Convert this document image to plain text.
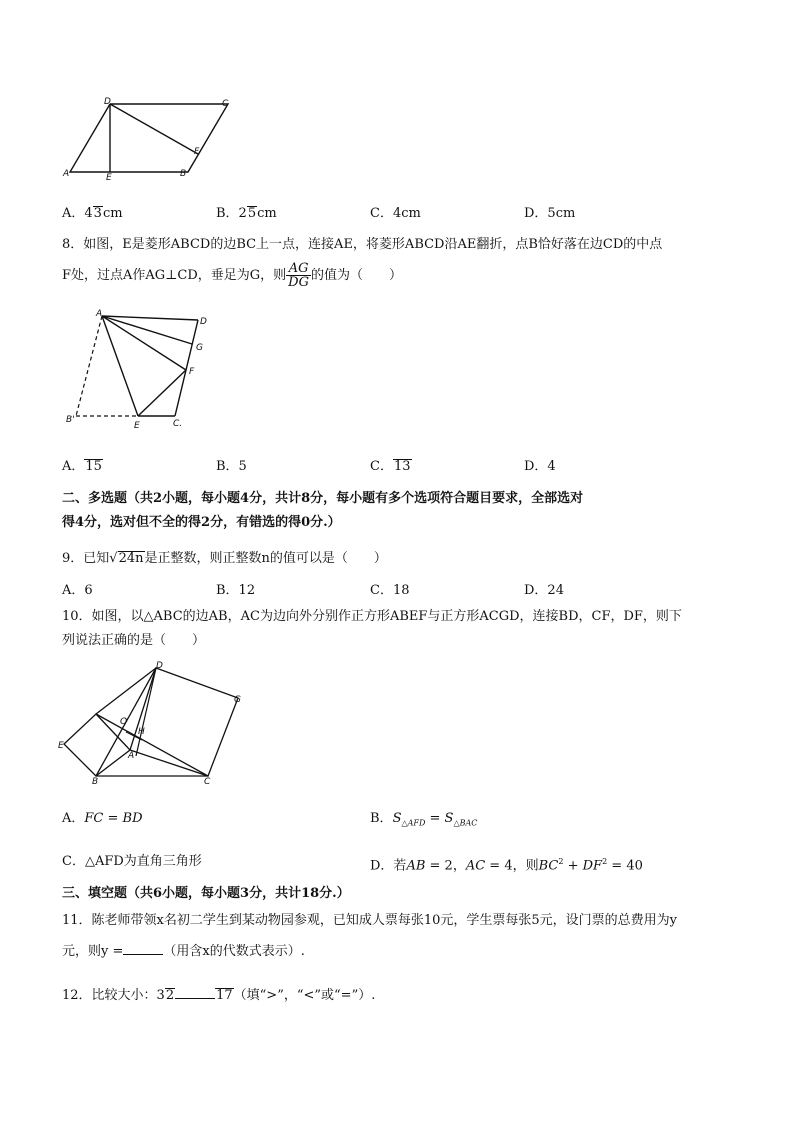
D	C
A	E	B
F
A．43cm	B．25cm	C．4cm	D．5cm
8．如图，E是菱形ABCD的边BC上一点，连接AE，将菱形ABCD沿AE翻折，点B恰好落在边CD的中点
F处，过点A作AG⊥CD，垂足为G，则 $\frac{AG}{DG}$ 的值为（　　）
A
D
G
F
B'
E	C.
A．15	B．5	C．13	D．4
二、多选题（共2小题，每小题4分，共计8分，每小题有多个选项符合题目要求，全部选对
得4分，选对但不全的得2分，有错选的得0分.）
9．已知√24n是正整数，则正整数n的值可以是（　　）
A．6	B．12	C．18	D．24
10．如图，以△ABC的边AB，AC为边向外分别作正方形ABEF与正方形ACGD，连接BD，CF，DF，则下
列说法正确的是（　　）
D
G
O
H
A
E
B	C
A．FC = BD	B．$S_{\triangle AFD} = S_{\triangle BAC}$
C．△AFD为直角三角形	D．若AB = 2，AC = 4，则$BC^2 + DF^2 = 40$
三、填空题（共6小题，每小题3分，共计18分.）
11．陈老师带领x名初二学生到某动物园参观，已知成人票每张10元，学生票每张5元，设门票的总费用为y
元，则y =	（用含x的代数式表示）.
12．比较大小：32	17（填“>”，“<”或“=”）.
